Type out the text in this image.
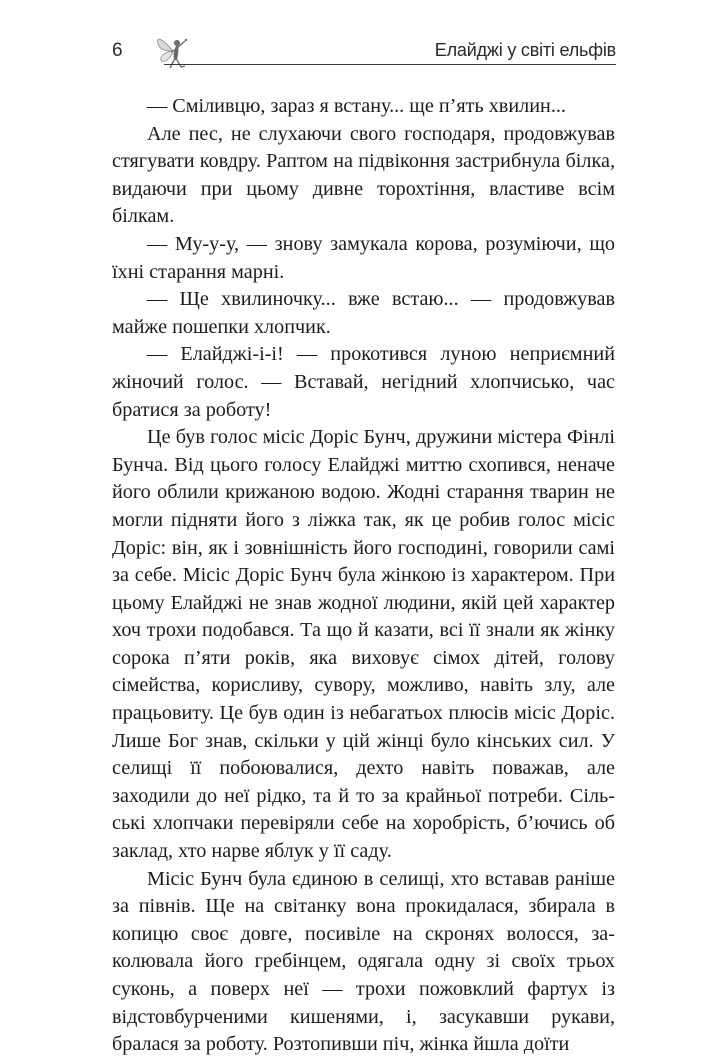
6	Елайджі у світі ельфів

— Сміливцю, зараз я встану... ще п’ять хвилин...

Але пес, не слухаючи свого господаря, продовжував стягувати ковдру. Раптом на підвіконня застрибнула білка, видаючи при цьому дивне торохтіння, властиве всім білкам.

— Му-у-у, — знову замукала корова, розуміючи, що їхні старання марні.

— Ще хвилиночку... вже встаю... — продовжував майже пошепки хлопчик.

— Елайджі-і-і! — прокотився луною неприємний жіночий голос. — Вставай, негідний хлопчисько, час братися за роботу!

Це був голос місіс Доріс Бунч, дружини містера Фінлі Бунча. Від цього голосу Елайджі миттю схопився, неначе його облили крижаною водою. Жодні старання тварин не могли підняти його з ліжка так, як це робив голос місіс Доріс: він, як і зовнішність його господині, говорили самі за себе. Місіс Доріс Бунч була жінкою із характером. При цьому Елайджі не знав жодної людини, якій цей характер хоч трохи подобався. Та що й казати, всі її знали як жінку сорока п’яти років, яка виховує сімох дітей, голову сімейства, корисливу, сувору, можливо, навіть злу, але працьовиту. Це був один із небагатьох плюсів місіс Доріс. Лише Бог знав, скільки у цій жінці було кінських сил. У селищі її побоювалися, дехто навіть поважав, але заходили до неї рідко, та й то за крайньої потреби. Сільські хлопчаки перевіряли себе на хоробрість, б’ючись об заклад, хто нарве яблук у її саду.

Місіс Бунч була єдиною в селищі, хто вставав раніше за півнів. Ще на світанку вона прокидалася, збирала в копицю своє довге, посивіле на скронях волосся, заколювала його гребінцем, одягала одну зі своїх трьох суконь, а поверх неї — трохи пожовклий фартух із відстовбурченими кишенями, і, засукавши рукави, бралася за роботу. Розтопивши піч, жінка йшла доїти
